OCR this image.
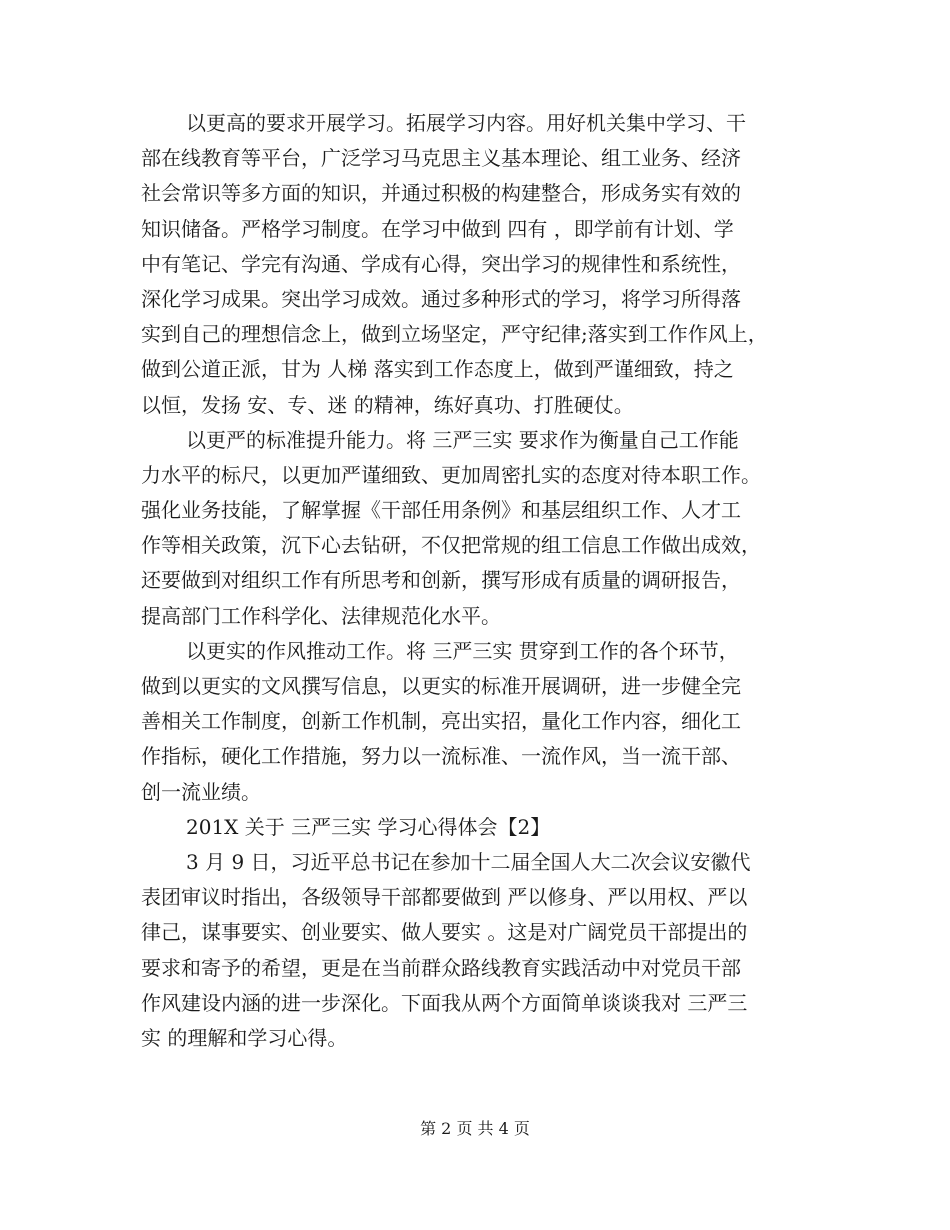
以更高的要求开展学习。拓展学习内容。用好机关集中学习、干
部在线教育等平台，广泛学习马克思主义基本理论、组工业务、经济
社会常识等多方面的知识，并通过积极的构建整合，形成务实有效的
知识储备。严格学习制度。在学习中做到 四有 ，即学前有计划、学
中有笔记、学完有沟通、学成有心得，突出学习的规律性和系统性，
深化学习成果。突出学习成效。通过多种形式的学习，将学习所得落
实到自己的理想信念上，做到立场坚定，严守纪律;落实到工作作风上，
做到公道正派，甘为 人梯 落实到工作态度上，做到严谨细致，持之
以恒，发扬 安、专、迷 的精神，练好真功、打胜硬仗。
以更严的标准提升能力。将 三严三实 要求作为衡量自己工作能
力水平的标尺，以更加严谨细致、更加周密扎实的态度对待本职工作。
强化业务技能，了解掌握《干部任用条例》和基层组织工作、人才工
作等相关政策，沉下心去钻研，不仅把常规的组工信息工作做出成效，
还要做到对组织工作有所思考和创新，撰写形成有质量的调研报告，
提高部门工作科学化、法律规范化水平。
以更实的作风推动工作。将 三严三实 贯穿到工作的各个环节，
做到以更实的文风撰写信息，以更实的标准开展调研，进一步健全完
善相关工作制度，创新工作机制，亮出实招，量化工作内容，细化工
作指标，硬化工作措施，努力以一流标准、一流作风，当一流干部、
创一流业绩。
201X 关于 三严三实 学习心得体会【2】
3 月 9 日，习近平总书记在参加十二届全国人大二次会议安徽代
表团审议时指出，各级领导干部都要做到 严以修身、严以用权、严以
律己，谋事要实、创业要实、做人要实 。这是对广阔党员干部提出的
要求和寄予的希望，更是在当前群众路线教育实践活动中对党员干部
作风建设内涵的进一步深化。下面我从两个方面简单谈谈我对 三严三
实 的理解和学习心得。
第 2 页 共 4 页
